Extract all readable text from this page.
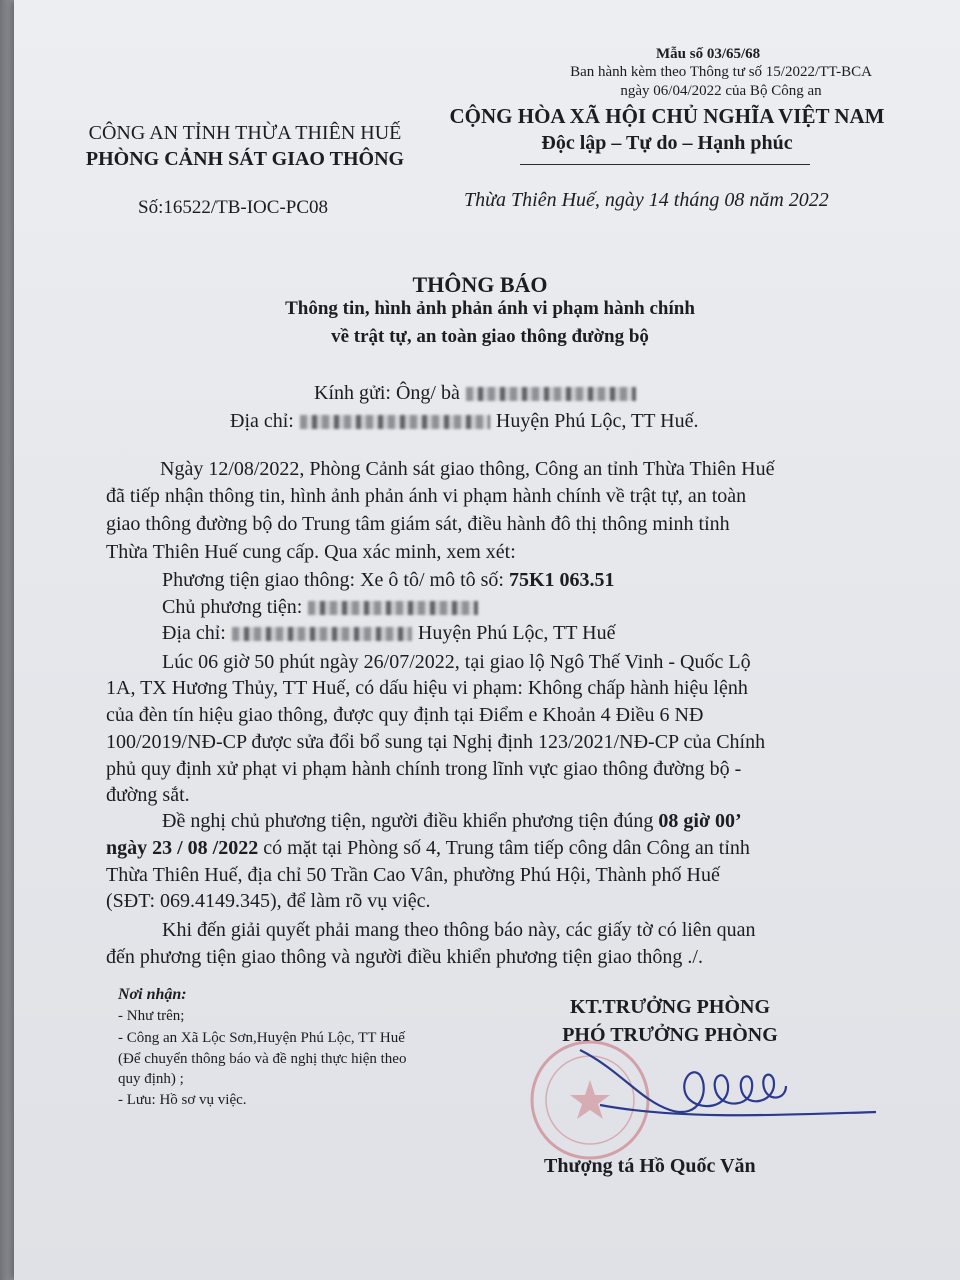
Mẫu số 03/65/68
Ban hành kèm theo Thông tư số 15/2022/TT-BCA
ngày 06/04/2022 của Bộ Công an
CÔNG AN TỈNH THỪA THIÊN HUẾ
PHÒNG CẢNH SÁT GIAO THÔNG
CỘNG HÒA XÃ HỘI CHỦ NGHĨA VIỆT NAM
Độc lập – Tự do – Hạnh phúc
Số:16522/TB-IOC-PC08	Thừa Thiên Huế, ngày 14 tháng 08 năm 2022
THÔNG BÁO
Thông tin, hình ảnh phản ánh vi phạm hành chính
về trật tự, an toàn giao thông đường bộ
Kính gửi: Ông/ bà
Địa chỉ:	Huyện Phú Lộc, TT Huế.
Ngày 12/08/2022, Phòng Cảnh sát giao thông, Công an tỉnh Thừa Thiên Huế
đã tiếp nhận thông tin, hình ảnh phản ánh vi phạm hành chính về trật tự, an toàn
giao thông đường bộ do Trung tâm giám sát, điều hành đô thị thông minh tỉnh
Thừa Thiên Huế cung cấp. Qua xác minh, xem xét:
Phương tiện giao thông: Xe ô tô/ mô tô số: 75K1 063.51
Chủ phương tiện:
Địa chỉ:	Huyện Phú Lộc, TT Huế
Lúc 06 giờ 50 phút ngày 26/07/2022, tại giao lộ Ngô Thế Vinh - Quốc Lộ
1A, TX Hương Thủy, TT Huế, có dấu hiệu vi phạm: Không chấp hành hiệu lệnh
của đèn tín hiệu giao thông, được quy định tại Điểm e Khoản 4 Điều 6 NĐ
100/2019/NĐ-CP được sửa đổi bổ sung tại Nghị định 123/2021/NĐ-CP của Chính
phủ quy định xử phạt vi phạm hành chính trong lĩnh vực giao thông đường bộ -
đường sắt.
Đề nghị chủ phương tiện, người điều khiển phương tiện đúng 08 giờ 00’
ngày 23 / 08 /2022 có mặt tại Phòng số 4, Trung tâm tiếp công dân Công an tỉnh
Thừa Thiên Huế, địa chỉ 50 Trần Cao Vân, phường Phú Hội, Thành phố Huế
(SĐT: 069.4149.345), để làm rõ vụ việc.
Khi đến giải quyết phải mang theo thông báo này, các giấy tờ có liên quan
đến phương tiện giao thông và người điều khiển phương tiện giao thông ./.
Nơi nhận:
- Như trên;
- Công an Xã Lộc Sơn,Huyện Phú Lộc, TT Huế
(Để chuyển thông báo và đề nghị thực hiện theo
quy định) ;
- Lưu: Hồ sơ vụ việc.
KT.TRƯỞNG PHÒNG
PHÓ TRƯỞNG PHÒNG
Thượng tá Hồ Quốc Văn
